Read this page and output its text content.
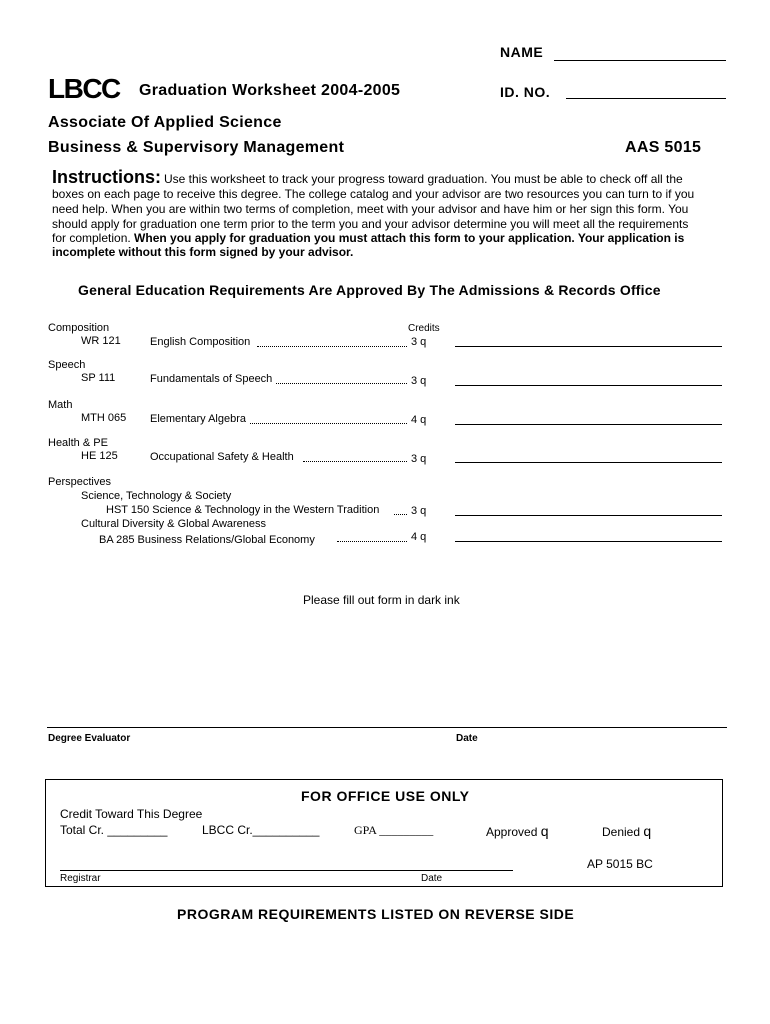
NAME
LBCC Graduation Worksheet 2004-2005	ID. NO.
Associate Of Applied Science
Business & Supervisory Management	AAS 5015
Instructions: Use this worksheet to track your progress toward graduation. You must be able to check off all the
boxes on each page to receive this degree. The college catalog and your advisor are two resources you can turn to if you
need help. When you are within two terms of completion, meet with your advisor and have him or her sign this form. You
should apply for graduation one term prior to the term you and your advisor determine you will meet all the requirements
for completion. When you apply for graduation you must attach this form to your application. Your application is
incomplete without this form signed by your advisor.
General Education Requirements Are Approved By The Admissions & Records Office
Composition	Credits
WR 121	English Composition	3 q
Speech
SP 111	Fundamentals of Speech	3 q
Math
MTH 065 Elementary Algebra	4 q
Health & PE
HE 125	Occupational Safety & Health	3 q
Perspectives
Science, Technology & Society
HST 150 Science & Technology in the Western Tradition	3 q
Cultural Diversity & Global Awareness
BA 285 Business Relations/Global Economy	4 q
Please fill out form in dark ink
Degree Evaluator	Date
FOR OFFICE USE ONLY
Credit Toward This Degree
Total Cr. _________	LBCC Cr.__________	GPA _________	Approved q	Denied q
AP 5015 BC
Registrar	Date
PROGRAM REQUIREMENTS LISTED ON REVERSE SIDE
